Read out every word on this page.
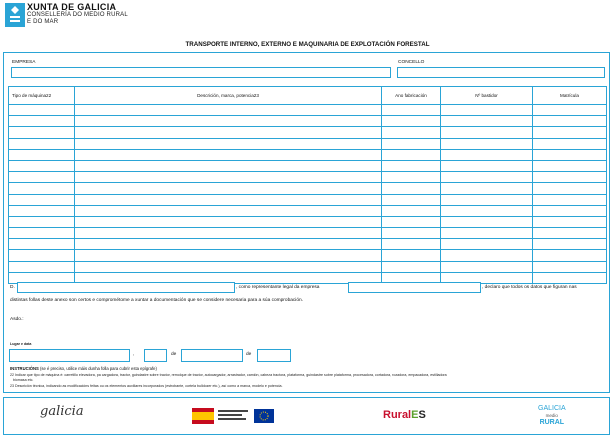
XUNTA DE GALICIA
CONSELLERÍA DO MEDIO RURAL
E DO MAR
TRANSPORTE INTERNO, EXTERNO E MAQUINARIA DE EXPLOTACIÓN FORESTAL
EMPRESA	CONCELLO
Tipo de máquina22	Descrición, marca, potencia23	Ano fabricación	Nº bastidor	Matrícula

D.	, como representante legal da empresa	, declaro que todos os datos que figuran nas
distintas follas deste anexo son certos e comprométome a xuntar a documentación que se considere necesaria para a súa comprobación.
Asdo.:
Lugar e data
,	de	de
INSTRUCIÓNS (se é preciso, utilice máis dunha folla para cubrir esta epígrafe)
22 Indicar que tipo de máquina é: carretillo elevadora, pa cargadora, tractor, guindastre sobre tractor, remolque de tractor, autocargador, arrastrador, camión, cabeza tractora, plataforma, guindastre sobre plataforma, procesadora, cortadora, rozadora, empacadora, estilladora
biomasa etc.
23 Descrición técnica, indicando as modificacións feitas ou os elementos auxiliares incorporados (estrobante, cortela bulldozer etc.), así como a marca, modelo e potencia.
galicia	RuralES
GALICIA
medio
RURAL
